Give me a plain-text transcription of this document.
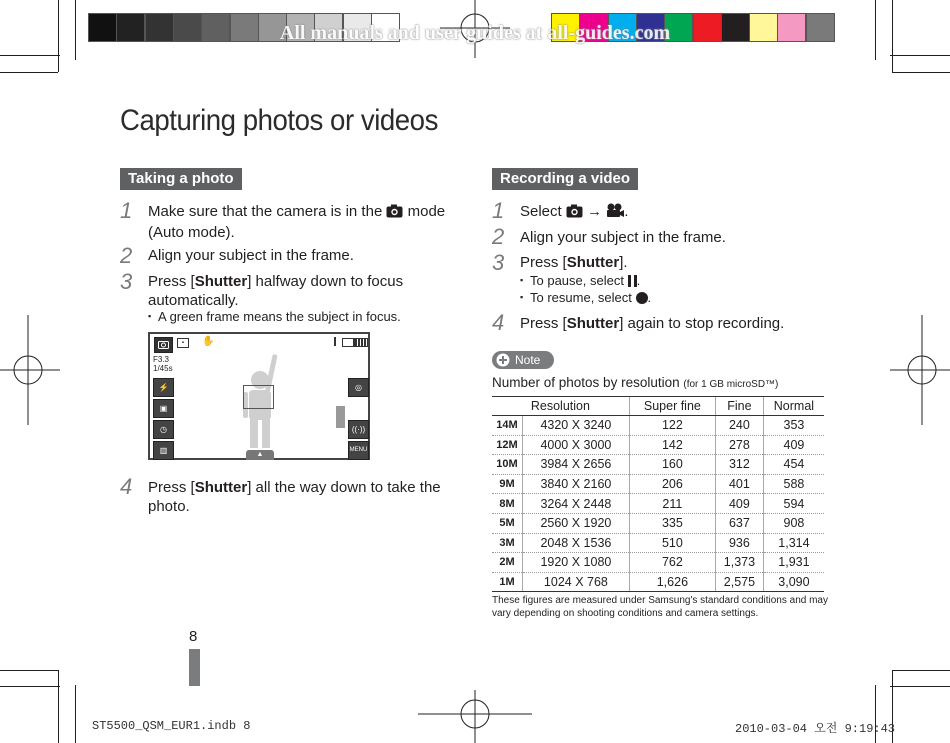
All manuals and user guides at all-guides.com
Capturing photos or videos
Taking a photo
1 Make sure that the camera is in the  mode
(Auto mode).
2 Align your subject in the frame.
3 Press [Shutter] halfway down to focus
automatically.
▪ A green frame means the subject in focus.
▪	✋
F3.3
1/45s
⚡
▣
◷
▥
◎
((·))
MENU
▲
4 Press [Shutter] all the way down to take the
photo.
Recording a video
1 Select  → .
2 Align your subject in the frame.
3 Press [Shutter].
▪ To pause, select .
▪ To resume, select .
4 Press [Shutter] again to stop recording.
Note
Number of photos by resolution (for 1 GB microSD™)
Resolution		Super fine	Fine	Normal
14M	4320 X 3240	122	240	353
12M	4000 X 3000	142	278	409
10M	3984 X 2656	160	312	454
9M	3840 X 2160	206	401	588
8M	3264 X 2448	211	409	594
5M	2560 X 1920	335	637	908
3M	2048 X 1536	510	936	1,314
2M	1920 X 1080	762	1,373	1,931
1M	1024 X 768	1,626	2,575	3,090
These figures are measured under Samsung's standard conditions and may vary depending on shooting conditions and camera settings.
8
ST5500_QSM_EUR1.indb 8	2010-03-04 오전 9:19:43
